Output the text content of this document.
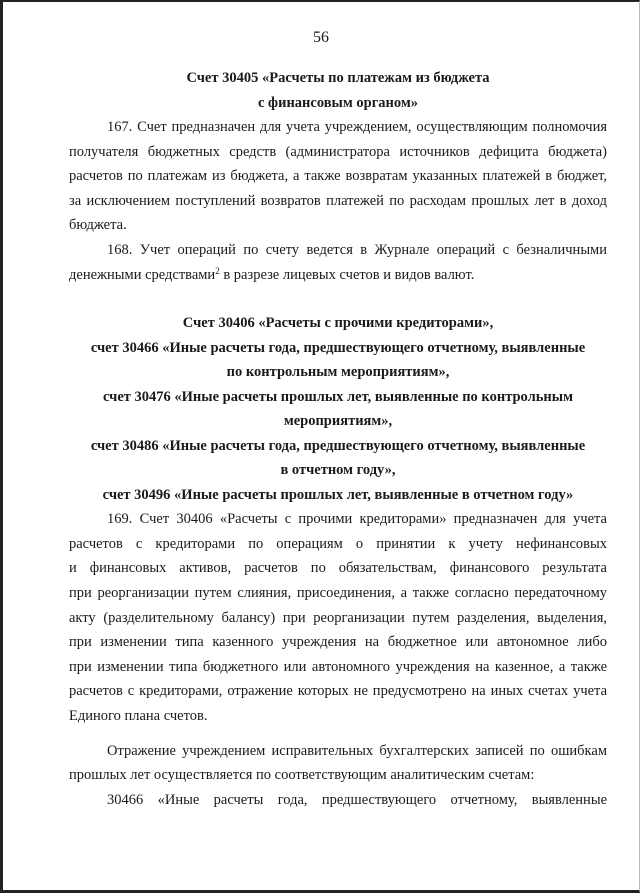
56
Счет 30405 «Расчеты по платежам из бюджета
с финансовым органом»
167. Счет предназначен для учета учреждением, осуществляющим полномочия
получателя бюджетных средств (администратора источников дефицита бюджета)
расчетов по платежам из бюджета, а также возвратам указанных платежей в бюджет,
за исключением поступлений возвратов платежей по расходам прошлых лет в доход
бюджета.
168. Учет операций по счету ведется в Журнале операций с безналичными
денежными средствами$^2$ в разрезе лицевых счетов и видов валют.
Счет 30406 «Расчеты с прочими кредиторами»,
счет 30466 «Иные расчеты года, предшествующего отчетному, выявленные
по контрольным мероприятиям»,
счет 30476 «Иные расчеты прошлых лет, выявленные по контрольным
мероприятиям»,
счет 30486 «Иные расчеты года, предшествующего отчетному, выявленные
в отчетном году»,
счет 30496 «Иные расчеты прошлых лет, выявленные в отчетном году»
169. Счет 30406 «Расчеты с прочими кредиторами» предназначен для учета
расчетов с кредиторами по операциям о принятии к учету нефинансовых
и финансовых активов, расчетов по обязательствам, финансового результата
при реорганизации путем слияния, присоединения, а также согласно передаточному
акту (разделительному балансу) при реорганизации путем разделения, выделения,
при изменении типа казенного учреждения на бюджетное или автономное либо
при изменении типа бюджетного или автономного учреждения на казенное, а также
расчетов с кредиторами, отражение которых не предусмотрено на иных счетах учета
Единого плана счетов.
Отражение учреждением исправительных бухгалтерских записей по ошибкам
прошлых лет осуществляется по соответствующим аналитическим счетам:
30466 «Иные расчеты года, предшествующего отчетному, выявленные
